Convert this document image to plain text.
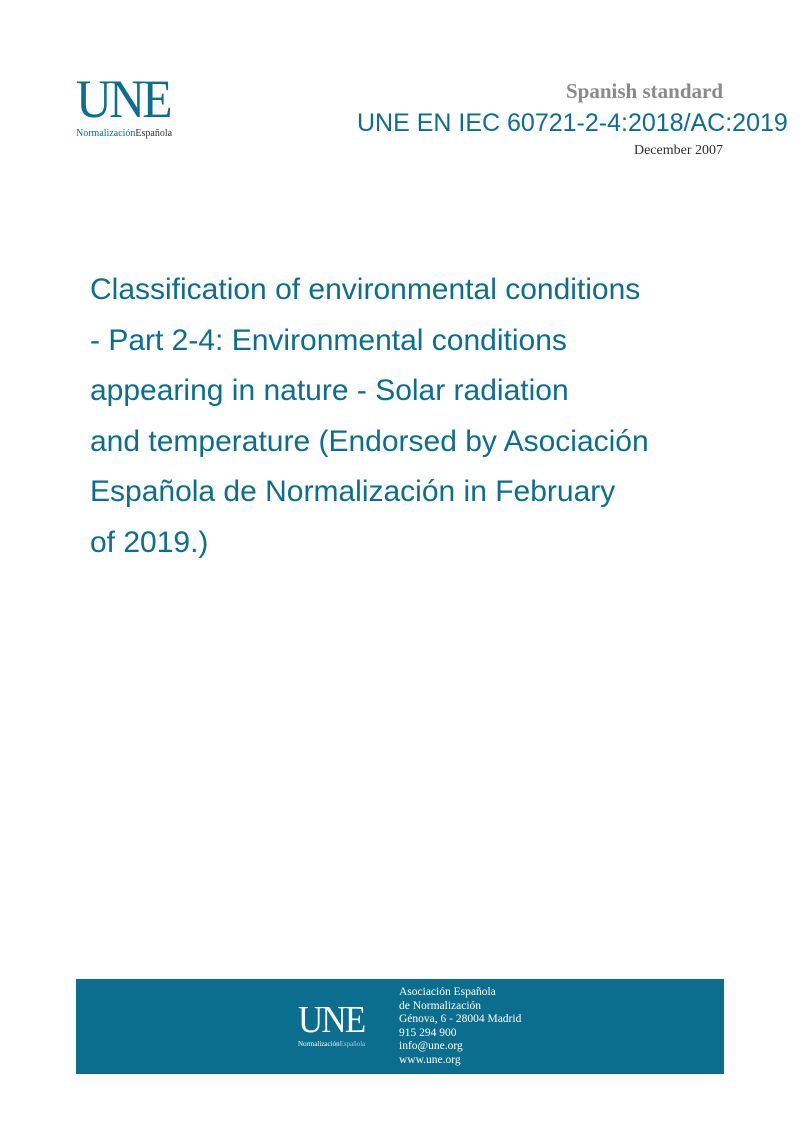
UNE
NormalizaciónEspañola
Spanish standard
UNE EN IEC 60721-2-4:2018/AC:2019
December 2007
Classification of environmental conditions
- Part 2-4: Environmental conditions
appearing in nature - Solar radiation
and temperature (Endorsed by Asociación
Española de Normalización in February
of 2019.)
UNE
NormalizaciónEspañola
Asociación Española
de Normalización
Génova, 6 - 28004 Madrid
915 294 900
info@une.org
www.une.org
